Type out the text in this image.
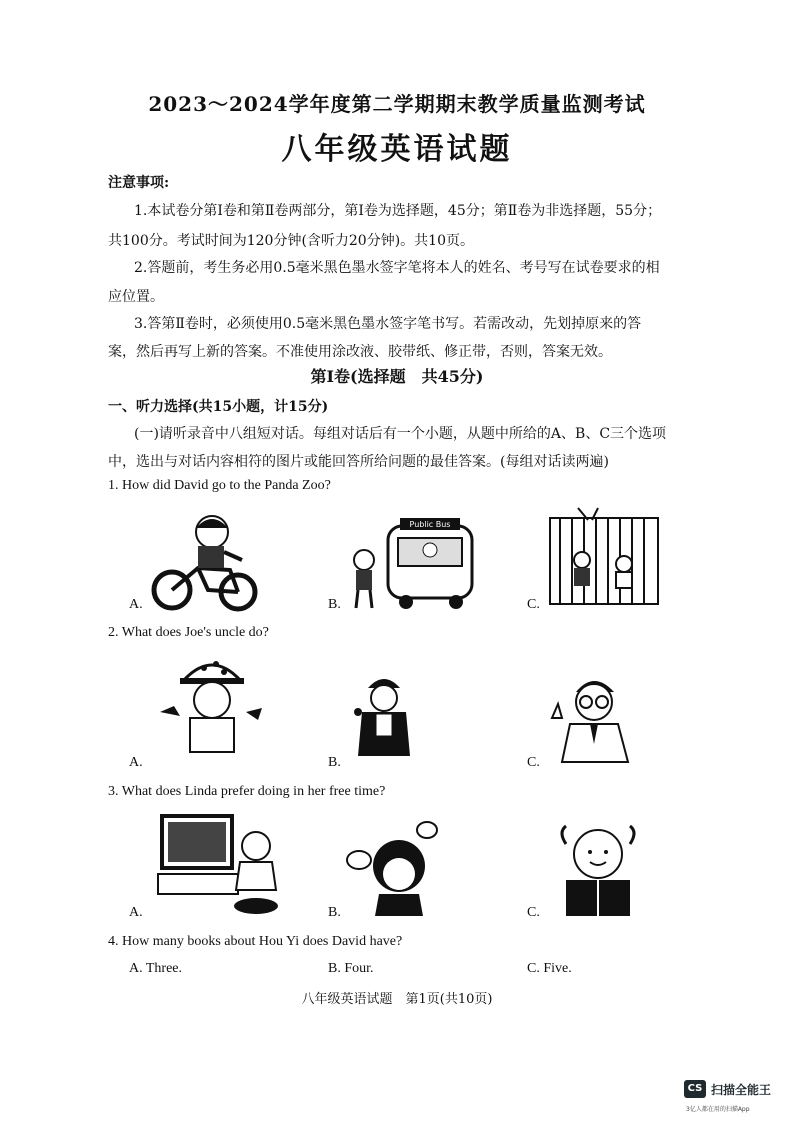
2023～2024学年度第二学期期末教学质量监测考试
八年级英语试题
注意事项:
1.本试卷分第Ⅰ卷和第Ⅱ卷两部分，第Ⅰ卷为选择题，45分；第Ⅱ卷为非选择题，55分；
共100分。考试时间为120分钟(含听力20分钟)。共10页。
2.答题前，考生务必用0.5毫米黑色墨水签字笔将本人的姓名、考号写在试卷要求的相
应位置。
3.答第Ⅱ卷时，必须使用0.5毫米黑色墨水签字笔书写。若需改动，先划掉原来的答
案，然后再写上新的答案。不准使用涂改液、胶带纸、修正带，否则，答案无效。
第Ⅰ卷(选择题　共45分)
一、听力选择(共15小题，计15分)
(一)请听录音中八组短对话。每组对话后有一个小题，从题中所给的A、B、C三个选项
中，选出与对话内容相符的图片或能回答所给问题的最佳答案。(每组对话读两遍)
1. How did David go to the Panda Zoo?
A.
Public Bus
B.	C.
2. What does Joe's uncle do?
A.	B.	C.
3. What does Linda prefer doing in her free time?
A.	B.	C.
4. How many books about Hou Yi does David have?
A. Three.	B. Four.	C. Five.
八年级英语试题　第1页(共10页)
CS 扫描全能王
3亿人都在用的扫描App
